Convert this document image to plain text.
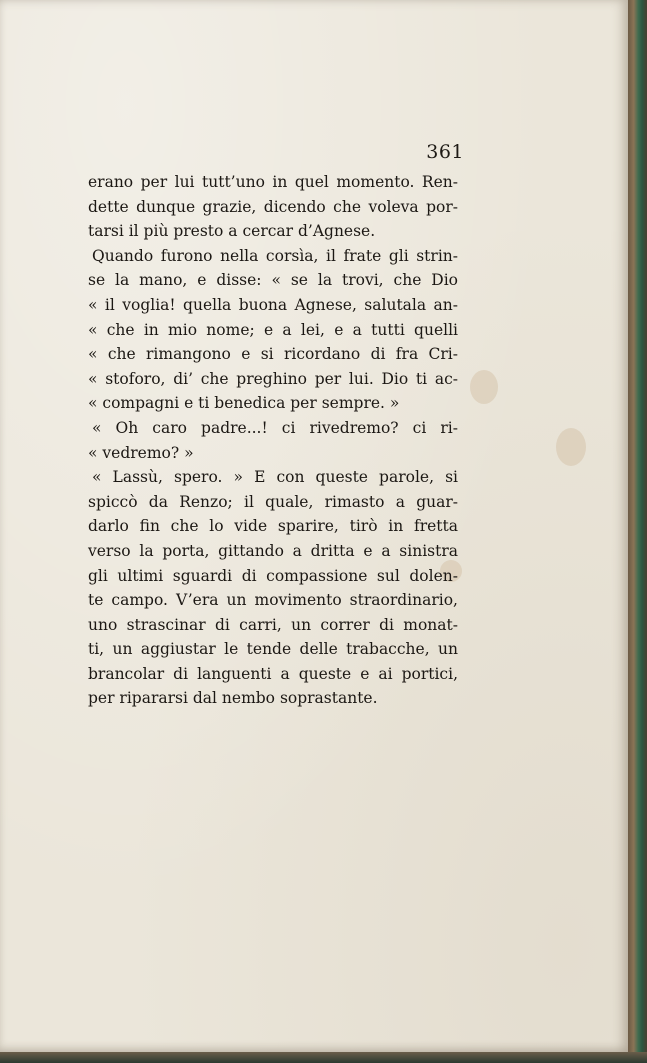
361
erano per lui tutt’uno in quel momento. Ren-
dette dunque grazie, dicendo che voleva por-
tarsi il più presto a cercar d’Agnese.
Quando furono nella corsìa, il frate gli strin-
se la mano, e disse: « se la trovi, che Dio
« il voglia! quella buona Agnese, salutala an-
« che in mio nome; e a lei, e a tutti quelli
« che rimangono e si ricordano di fra Cri-
« stoforo, di’ che preghino per lui. Dio ti ac-
« compagni e ti benedica per sempre. »
« Oh caro padre...! ci rivedremo? ci ri-
« vedremo? »
« Lassù, spero. » E con queste parole, si
spiccò da Renzo; il quale, rimasto a guar-
darlo fin che lo vide sparire, tirò in fretta
verso la porta, gittando a dritta e a sinistra
gli ultimi sguardi di compassione sul dolen-
te campo. V’era un movimento straordinario,
uno strascinar di carri, un correr di monat-
ti, un aggiustar le tende delle trabacche, un
brancolar di languenti a queste e ai portici,
per ripararsi dal nembo soprastante.
